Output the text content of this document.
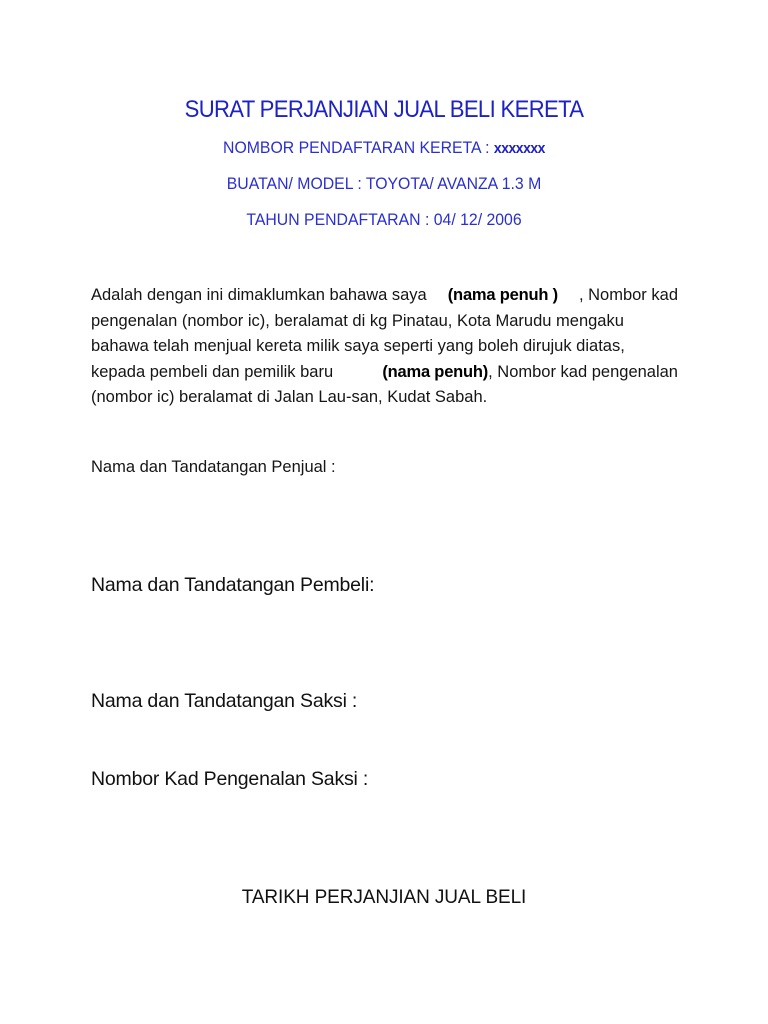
SURAT PERJANJIAN JUAL BELI KERETA
NOMBOR PENDAFTARAN KERETA : xxxxxxx
BUATAN/ MODEL : TOYOTA/ AVANZA 1.3 M
TAHUN PENDAFTARAN : 04/ 12/ 2006
Adalah dengan ini dimaklumkan bahawa saya (nama penuh ) , Nombor kad
pengenalan (nombor ic), beralamat di kg Pinatau, Kota Marudu mengaku
bahawa telah menjual kereta milik saya seperti yang boleh dirujuk diatas,
kepada pembeli dan pemilik baru	(nama penuh), Nombor kad pengenalan
(nombor ic) beralamat di Jalan Lau-san, Kudat Sabah.
Nama dan Tandatangan Penjual :
Nama dan Tandatangan Pembeli:
Nama dan Tandatangan Saksi :
Nombor Kad Pengenalan Saksi :
TARIKH PERJANJIAN JUAL BELI
